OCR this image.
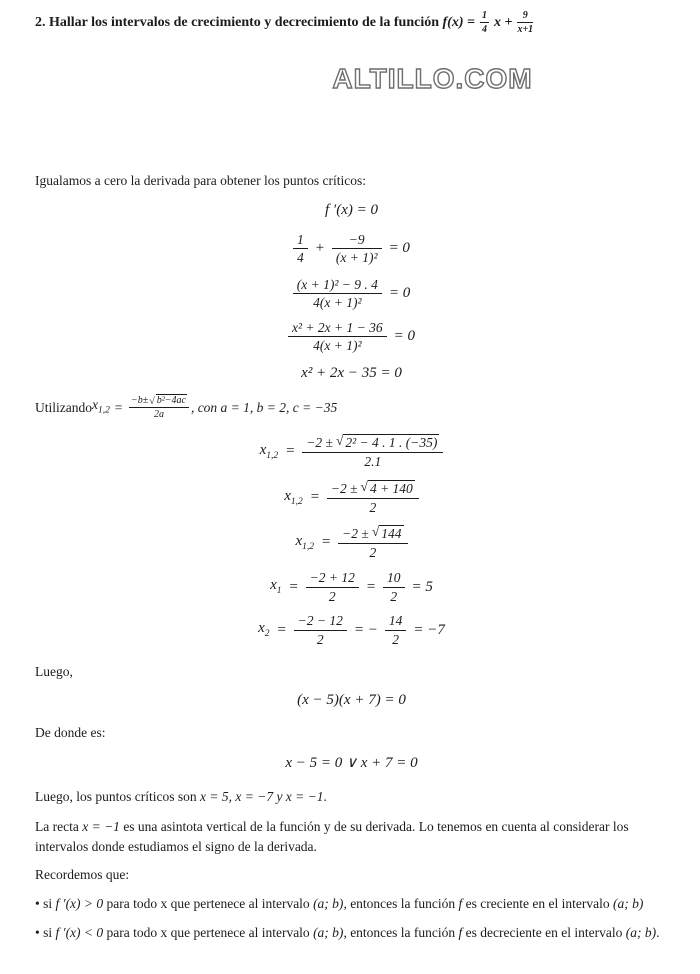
2. Hallar los intervalos de crecimiento y decrecimiento de la función $f(x) = \frac{1}{4}$ $x + \frac{9}{x+1}$
ALTILLO.COM

Igualamos a cero la derivada para obtener los puntos críticos:

f ′(x) = 0
$\frac{1}{4} + \frac{-9}{\text{(x + 1)²}} = 0$
$\frac{\text{(x + 1)² − 9 . 4}}{\text{4(x + 1)²}} = 0$
$\frac{\text{x² + 2x + 1 − 36}}{\text{4(x + 1)²}} = 0$
x² + 2x − 35 = 0

Utilizando $x_{1,2} = \frac{\text{−b± √ b²−4ac}}{2a}$ , con a = 1, b = 2, c = −35

$x_{1,2} = \frac{\text{−2 ± √ 2² − 4 . 1 . (−35)}}{2.1}$
$x_{1,2} = \frac{-2 \pm √ 4 + 140}{2}$
$x_{1,2} = \frac{-2 \pm √ 144}{2}$
$x_1 = \frac{-2 + 12}{2} = \frac{10}{2} = 5$
$x_2 = \frac{-2 - 12}{2}$ = − $\frac{14}{2} = -7$

Luego,

(x − 5)(x + 7) = 0

De donde es:

x − 5 = 0 ∨ x + 7 = 0

Luego, los puntos críticos son x = 5, x = −7 y x = −1.

La recta x = −1 es una asintota vertical de la función y de su derivada. Lo tenemos en cuenta al considerar los intervalos donde estudiamos el signo de la derivada.

Recordemos que:

• si f ′(x) > 0 para todo x que pertenece al intervalo (a; b), entonces la función f es creciente en el intervalo (a; b)

• si f ′(x) < 0 para todo x que pertenece al intervalo (a; b), entonces la función f es decreciente en el intervalo (a; b).
